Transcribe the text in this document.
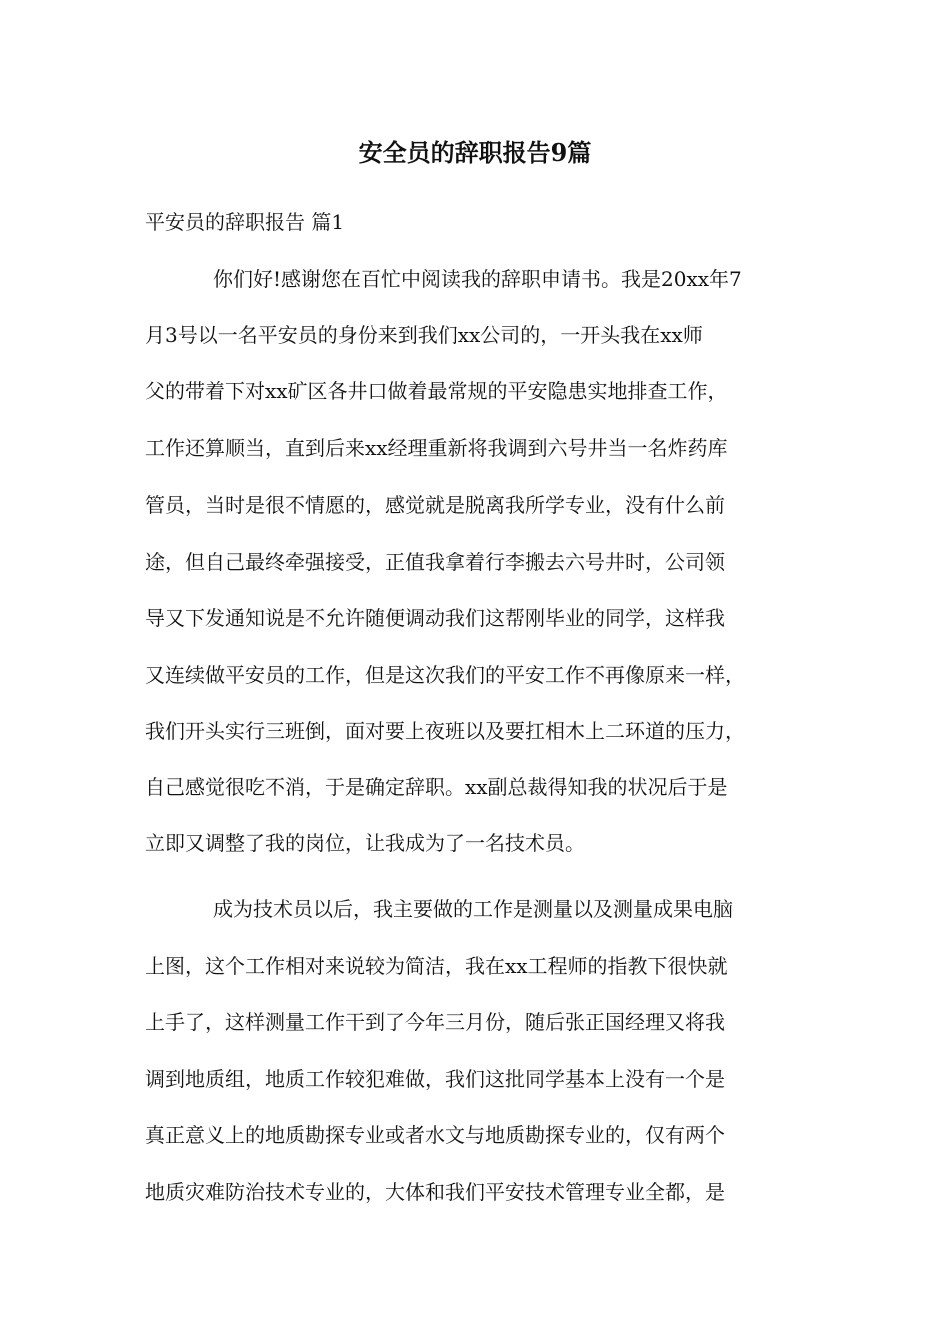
安全员的辞职报告9篇
平安员的辞职报告 篇1
你们好!感谢您在百忙中阅读我的辞职申请书。我是20xx年7
月3号以一名平安员的身份来到我们xx公司的，一开头我在xx师
父的带着下对xx矿区各井口做着最常规的平安隐患实地排查工作，
工作还算顺当，直到后来xx经理重新将我调到六号井当一名炸药库
管员，当时是很不情愿的，感觉就是脱离我所学专业，没有什么前
途，但自己最终牵强接受，正值我拿着行李搬去六号井时，公司领
导又下发通知说是不允许随便调动我们这帮刚毕业的同学，这样我
又连续做平安员的工作，但是这次我们的平安工作不再像原来一样，
我们开头实行三班倒，面对要上夜班以及要扛相木上二环道的压力，
自己感觉很吃不消，于是确定辞职。xx副总裁得知我的状况后于是
立即又调整了我的岗位，让我成为了一名技术员。
成为技术员以后，我主要做的工作是测量以及测量成果电脑
上图，这个工作相对来说较为简洁，我在xx工程师的指教下很快就
上手了，这样测量工作干到了今年三月份，随后张正国经理又将我
调到地质组，地质工作较犯难做，我们这批同学基本上没有一个是
真正意义上的地质勘探专业或者水文与地质勘探专业的，仅有两个
地质灾难防治技术专业的，大体和我们平安技术管理专业全都，是
